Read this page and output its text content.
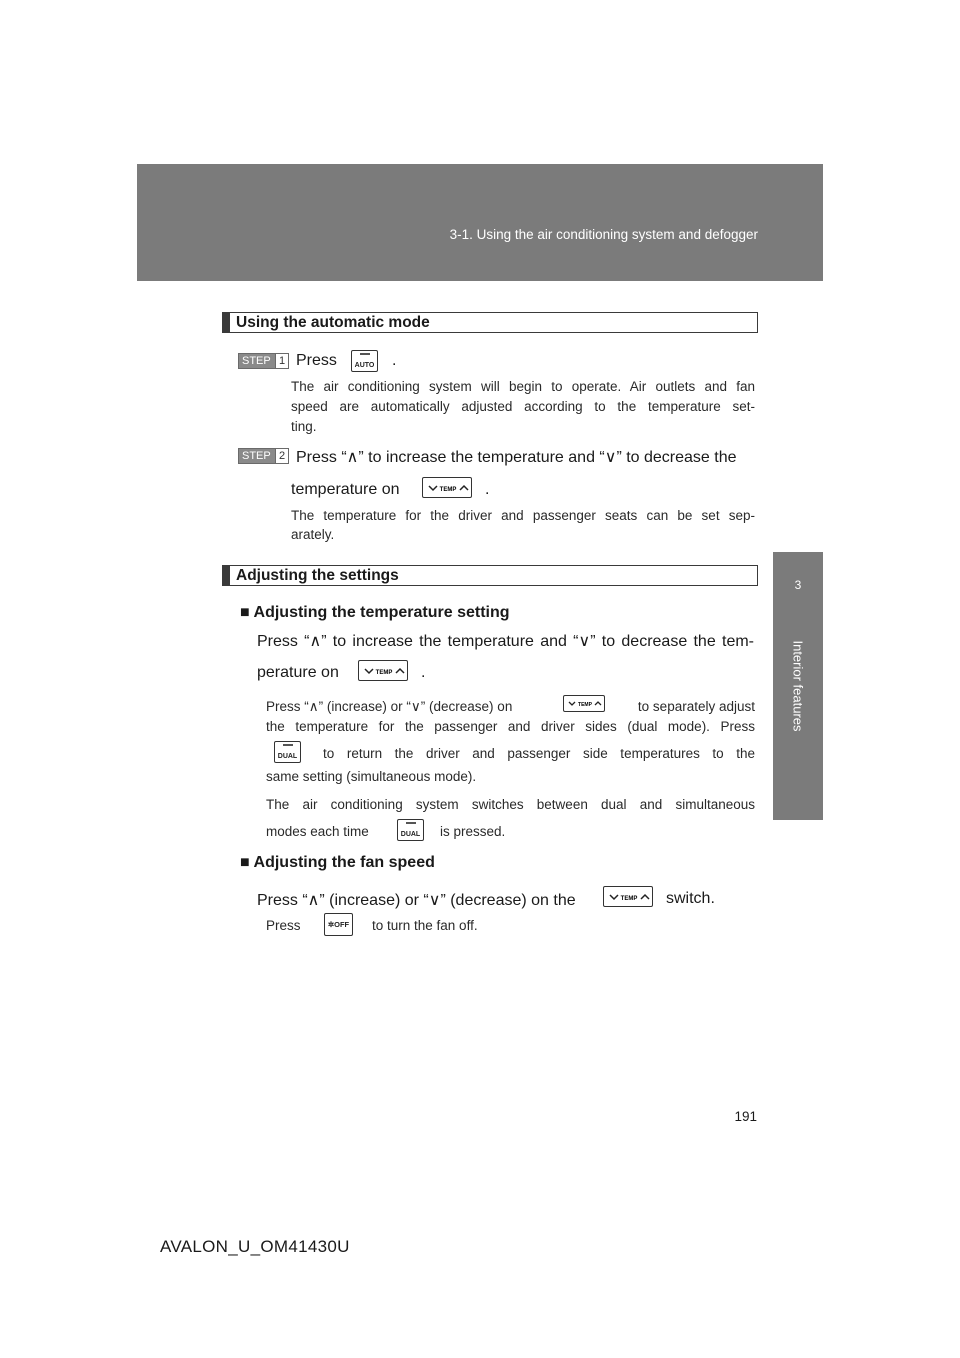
3-1. Using the air conditioning system and defogger
3
Interior features
Using the automatic mode
STEP 1 Press	AUTO .
The air conditioning system will begin to operate. Air outlets and fan
speed are automatically adjusted according to the temperature set-
ting.
STEP 2 Press “∧” to increase the temperature and “∨” to decrease the
temperature on	TEMP .
The temperature for the driver and passenger seats can be set sep-
arately.
Adjusting the settings
■ Adjusting the temperature setting
Press “∧” to increase the temperature and “∨” to decrease the tem-
perature on	TEMP .
Press “∧” (increase) or “∨” (decrease) on	TEMP	to separately adjust
the temperature for the passenger and driver sides (dual mode). Press
DUAL to return the driver and passenger side temperatures to the
same setting (simultaneous mode).
The air conditioning system switches between dual and simultaneous
modes each time	DUAL is pressed.
■ Adjusting the fan speed
Press “∧” (increase) or “∨” (decrease) on the	TEMP switch.
Press	✲OFF to turn the fan off.
191
AVALON_U_OM41430U
